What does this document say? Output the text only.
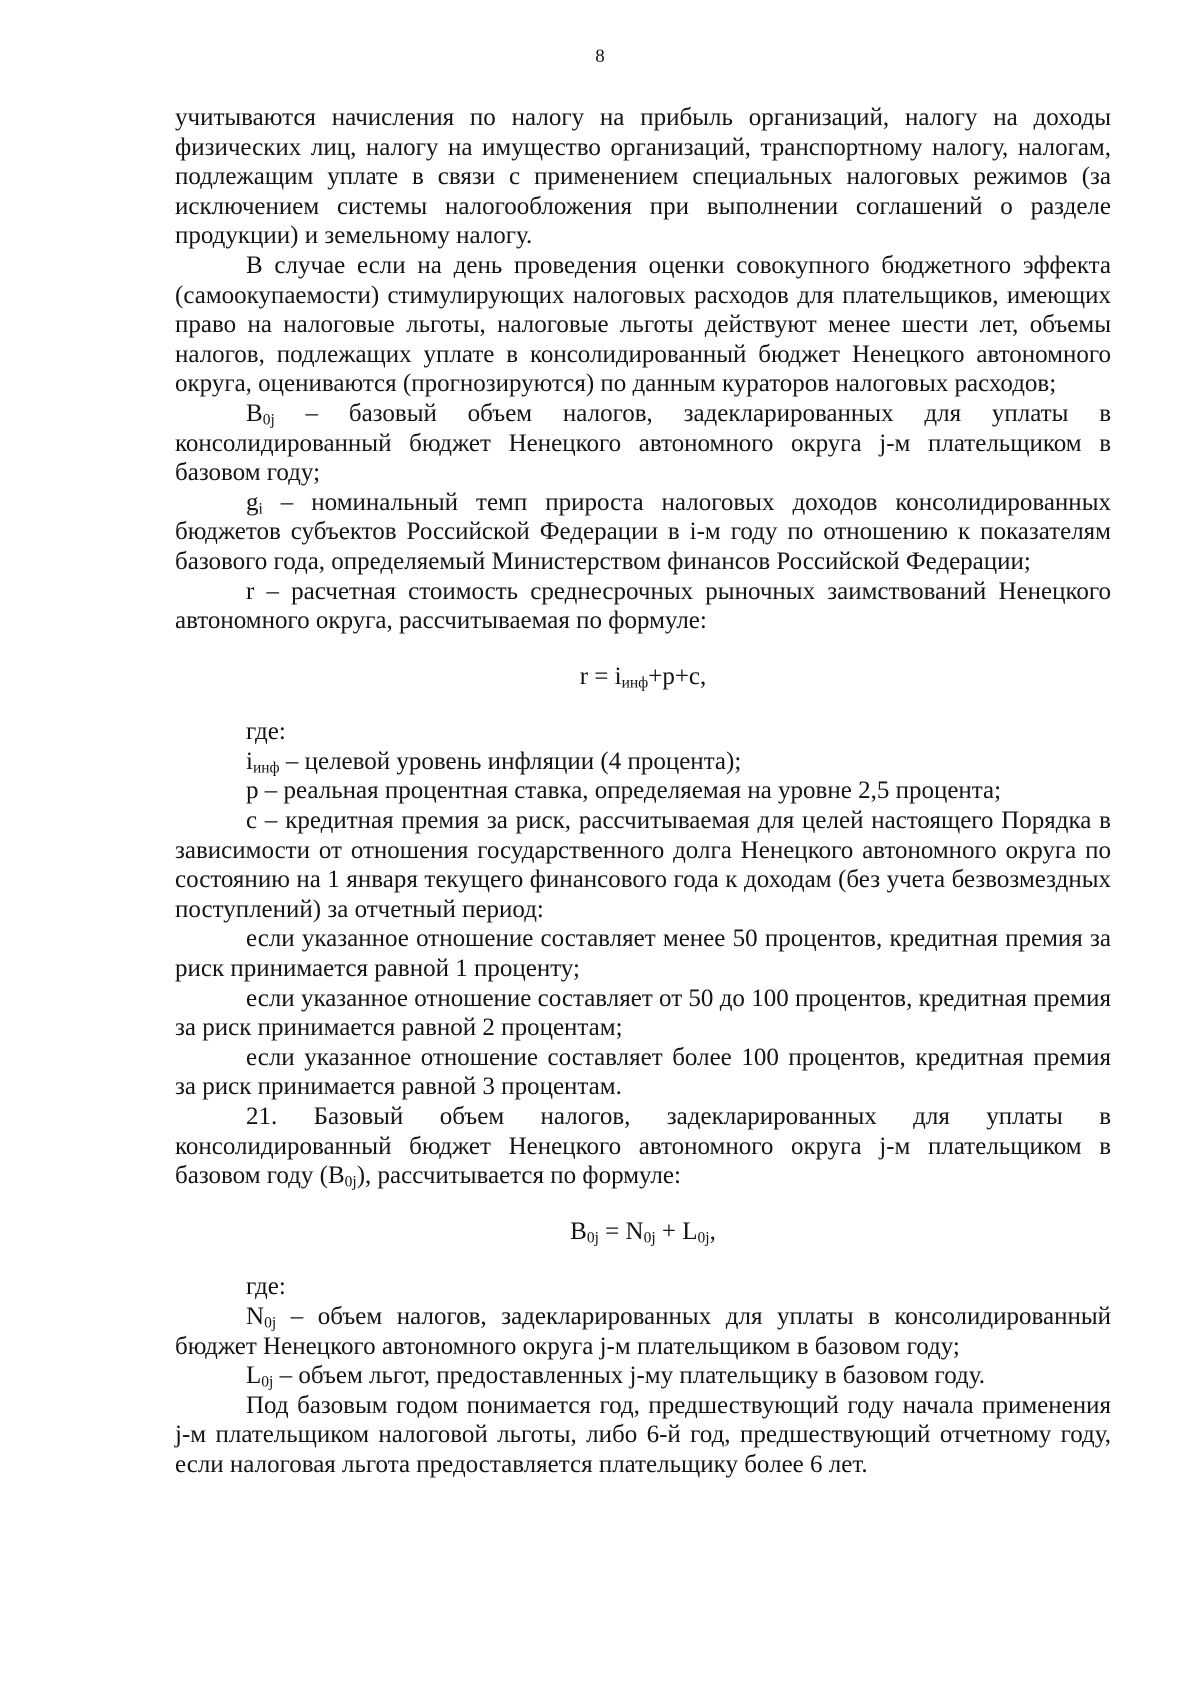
8

учитываются начисления по налогу на прибыль организаций, налогу на доходы физических лиц, налогу на имущество организаций, транспортному налогу, налогам, подлежащим уплате в связи с применением специальных налоговых режимов (за исключением системы налогообложения при выполнении соглашений о разделе продукции) и земельному налогу.

В случае если на день проведения оценки совокупного бюджетного эффекта (самоокупаемости) стимулирующих налоговых расходов для плательщиков, имеющих право на налоговые льготы, налоговые льготы действуют менее шести лет, объемы налогов, подлежащих уплате в консолидированный бюджет Ненецкого автономного округа, оцениваются (прогнозируются) по данным кураторов налоговых расходов;

$B_{0j}$ – базовый объем налогов, задекларированных для уплаты в консолидированный бюджет Ненецкого автономного округа j-м плательщиком в базовом году;

$g_i$ – номинальный темп прироста налоговых доходов консолидированных бюджетов субъектов Российской Федерации в i-м году по отношению к показателям базового года, определяемый Министерством финансов Российской Федерации;

r – расчетная стоимость среднесрочных рыночных заимствований Ненецкого автономного округа, рассчитываемая по формуле:

$r = i_{инф}+p+c$,

где:

$i_{инф}$ – целевой уровень инфляции (4 процента);

p – реальная процентная ставка, определяемая на уровне 2,5 процента;

c – кредитная премия за риск, рассчитываемая для целей настоящего Порядка в зависимости от отношения государственного долга Ненецкого автономного округа по состоянию на 1 января текущего финансового года к доходам (без учета безвозмездных поступлений) за отчетный период:

если указанное отношение составляет менее 50 процентов, кредитная премия за риск принимается равной 1 проценту;

если указанное отношение составляет от 50 до 100 процентов, кредитная премия за риск принимается равной 2 процентам;

если указанное отношение составляет более 100 процентов, кредитная премия за риск принимается равной 3 процентам.

21. Базовый объем налогов, задекларированных для уплаты в консолидированный бюджет Ненецкого автономного округа j-м плательщиком в базовом году $(B_{0j})$, рассчитывается по формуле:

$B_{0j} = N_{0j} + L_{0j}$,

где:

$N_{0j}$ – объем налогов, задекларированных для уплаты в консолидированный бюджет Ненецкого автономного округа j-м плательщиком в базовом году;

$L_{0j}$ – объем льгот, предоставленных j-му плательщику в базовом году.

Под базовым годом понимается год, предшествующий году начала применения j-м плательщиком налоговой льготы, либо 6-й год, предшествующий отчетному году, если налоговая льгота предоставляется плательщику более 6 лет.
